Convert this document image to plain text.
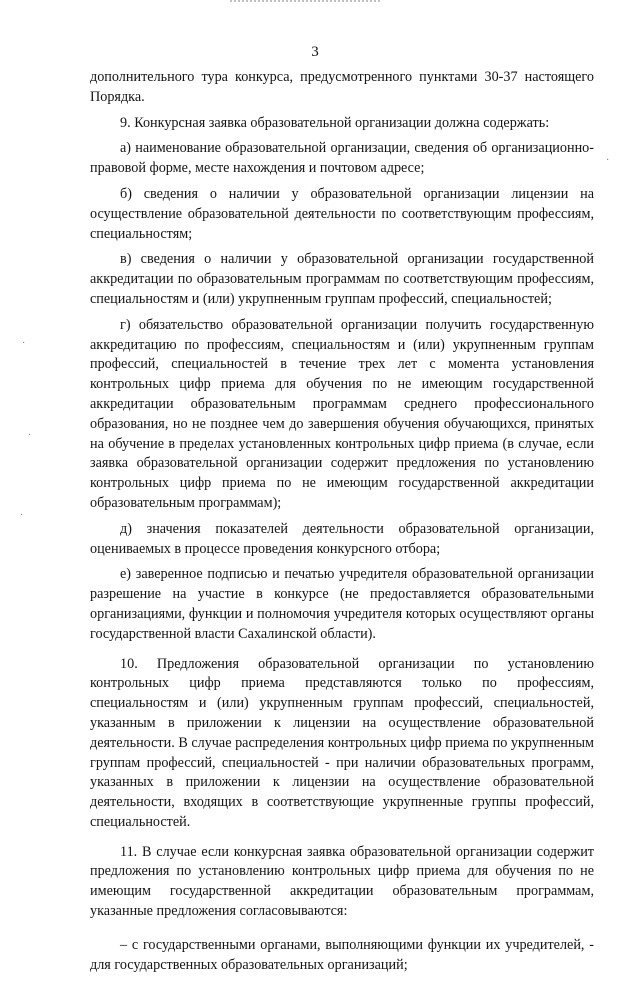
3

дополнительного тура конкурса, предусмотренного пунктами 30-37 настоящего Порядка.

9. Конкурсная заявка образовательной организации должна содержать:

а) наименование образовательной организации, сведения об организационно-правовой форме, месте нахождения и почтовом адресе;

б) сведения о наличии у образовательной организации лицензии на осуществление образовательной деятельности по соответствующим профессиям, специальностям;

в) сведения о наличии у образовательной организации государственной аккредитации по образовательным программам по соответствующим профессиям, специальностям и (или) укрупненным группам профессий, специальностей;

г) обязательство образовательной организации получить государственную аккредитацию по профессиям, специальностям и (или) укрупненным группам профессий, специальностей в течение трех лет с момента установления контрольных цифр приема для обучения по не имеющим государственной аккредитации образовательным программам среднего профессионального образования, но не позднее чем до завершения обучения обучающихся, принятых на обучение в пределах установленных контрольных цифр приема (в случае, если заявка образовательной организации содержит предложения по установлению контрольных цифр приема по не имеющим государственной аккредитации образовательным программам);

д) значения показателей деятельности образовательной организации, оцениваемых в процессе проведения конкурсного отбора;

е) заверенное подписью и печатью учредителя образовательной организации разрешение на участие в конкурсе (не предоставляется образовательными организациями, функции и полномочия учредителя которых осуществляют органы государственной власти Сахалинской области).

10. Предложения образовательной организации по установлению контрольных цифр приема представляются только по профессиям, специальностям и (или) укрупненным группам профессий, специальностей, указанным в приложении к лицензии на осуществление образовательной деятельности. В случае распределения контрольных цифр приема по укрупненным группам профессий, специальностей - при наличии образовательных программ, указанных в приложении к лицензии на осуществление образовательной деятельности, входящих в соответствующие укрупненные группы профессий, специальностей.

11. В случае если конкурсная заявка образовательной организации содержит предложения по установлению контрольных цифр приема для обучения по не имеющим государственной аккредитации образовательным программам, указанные предложения согласовываются:

– с государственными органами, выполняющими функции их учредителей, - для государственных образовательных организаций;

·
·
·
·
